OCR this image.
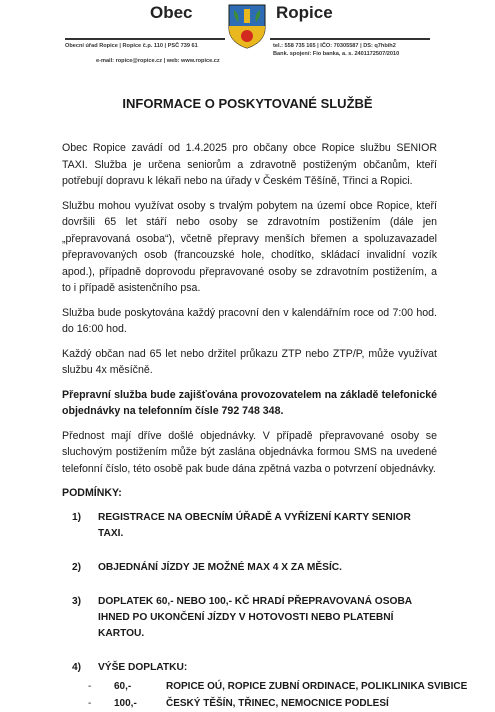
Obec	Ropice
Obecní úřad Ropice | Ropice č.p. 110 | PSČ 739 61	tel.: 558 735 165 | IČO: 70305587 | DS: q7hbih2
Bank. spojení: Fio banka, a. s. 2401172507/2010
e-mail: ropice@ropice.cz | web: www.ropice.cz
INFORMACE O POSKYTOVANÉ SLUŽBĚ

Obec Ropice zavádí od 1.4.2025 pro občany obce Ropice službu SENIOR TAXI. Služba je určena seniorům a zdravotně postiženým občanům, kteří potřebují dopravu k lékaři nebo na úřady v Českém Těšíně, Třinci a Ropici.

Službu mohou využívat osoby s trvalým pobytem na území obce Ropice, kteří dovršili 65 let stáří nebo osoby se zdravotním postižením (dále jen „přepravovaná osoba“), včetně přepravy menších břemen a spoluzavazadel přepravovaných osob (francouzské hole, chodítko, skládací invalidní vozík apod.), případně doprovodu přepravované osoby se zdravotním postižením, a to i případě asistenčního psa.

Služba bude poskytována každý pracovní den v kalendářním roce od 7:00 hod. do 16:00 hod.

Každý občan nad 65 let nebo držitel průkazu ZTP nebo ZTP/P, může využívat službu 4x měsíčně.

Přepravní služba bude zajišťována provozovatelem na základě telefonické objednávky na telefonním čísle 792 748 348.

Přednost mají dříve došlé objednávky. V případě přepravované osoby se sluchovým postižením může být zaslána objednávka formou SMS na uvedené telefonní číslo, této osobě pak bude dána zpětná vazba o potvrzení objednávky.

PODMÍNKY:
1)	REGISTRACE NA OBECNÍM ÚŘADĚ A VYŘÍZENÍ KARTY SENIOR TAXI.
2)	OBJEDNÁNÍ JÍZDY JE MOŽNÉ MAX 4 X ZA MĚSÍC.
3)	DOPLATEK 60,- NEBO 100,- KČ HRADÍ PŘEPRAVOVANÁ OSOBA IHNED PO UKONČENÍ JÍZDY V HOTOVOSTI NEBO PLATEBNÍ KARTOU.
4)	VÝŠE DOPLATKU:
-	60,-	ROPICE OÚ, ROPICE ZUBNÍ ORDINACE, POLIKLINIKA SVIBICE
-	100,-	ČESKÝ TĚŠÍN, TŘINEC, NEMOCNICE PODLESÍ
